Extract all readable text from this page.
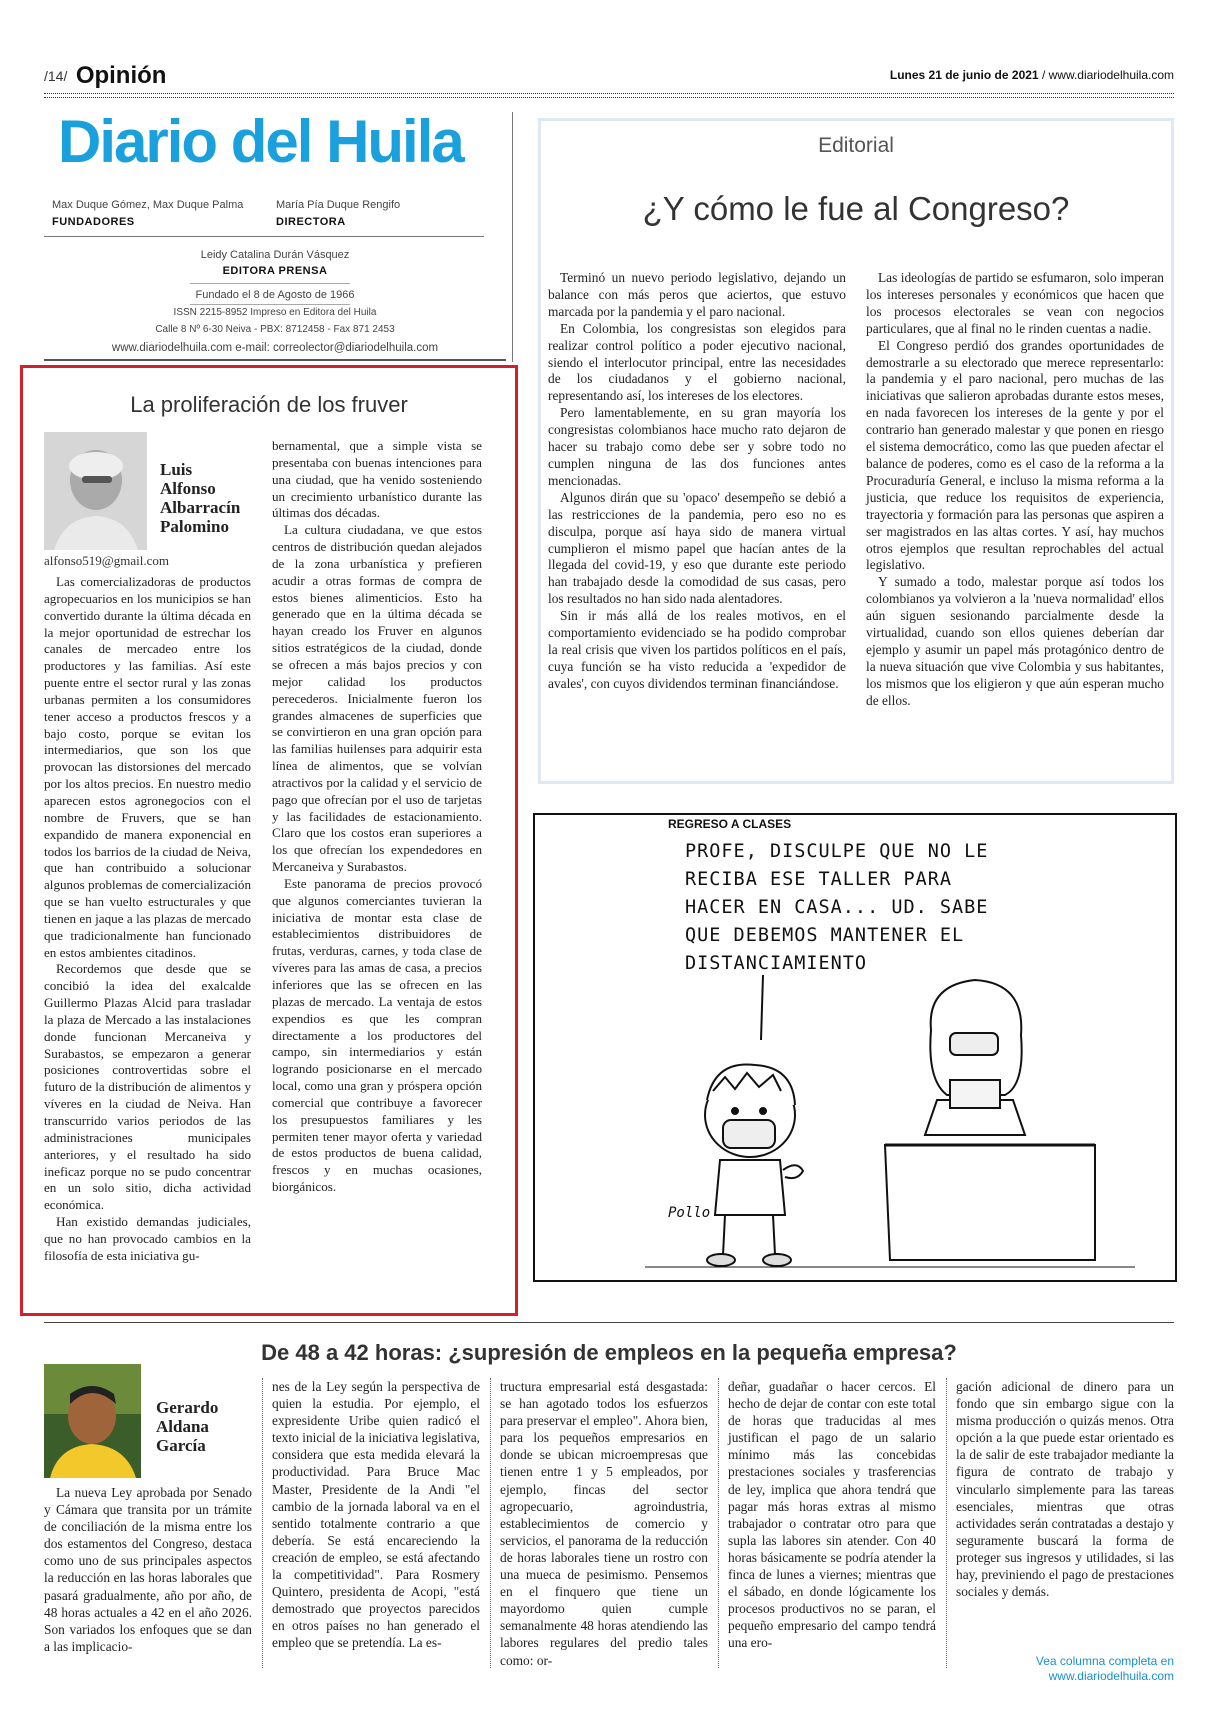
/14/ Opinión	Lunes 21 de junio de 2021 / www.diariodelhuila.com
Diario del Huila
Max Duque Gómez, Max Duque Palma
FUNDADORES
María Pía Duque Rengifo
DIRECTORA
Leidy Catalina Durán Vásquez
EDITORA PRENSA
Fundado el 8 de Agosto de 1966
ISSN 2215-8952 Impreso en Editora del Huila
Calle 8 Nº 6-30 Neiva - PBX: 8712458 - Fax 871 2453
www.diariodelhuila.com e-mail: correolector@diariodelhuila.com
Editorial
¿Y cómo le fue al Congreso?

Terminó un nuevo periodo legislativo, dejando un balance con más peros que aciertos, que estuvo marcada por la pandemia y el paro nacional.

En Colombia, los congresistas son elegidos para realizar control político a poder ejecutivo nacional, siendo el interlocutor principal, entre las necesidades de los ciudadanos y el gobierno nacional, representando así, los intereses de los electores.

Pero lamentablemente, en su gran mayoría los congresistas colombianos hace mucho rato dejaron de hacer su trabajo como debe ser y sobre todo no cumplen ninguna de las dos funciones antes mencionadas.

Algunos dirán que su 'opaco' desempeño se debió a las restricciones de la pandemia, pero eso no es disculpa, porque así haya sido de manera virtual cumplieron el mismo papel que hacían antes de la llegada del covid-19, y eso que durante este periodo han trabajado desde la comodidad de sus casas, pero los resultados no han sido nada alentadores.

Sin ir más allá de los reales motivos, en el comportamiento evidenciado se ha podido comprobar la real crisis que viven los partidos políticos en el país, cuya función se ha visto reducida a 'expedidor de avales', con cuyos dividendos terminan financiándose.

Las ideologías de partido se esfumaron, solo imperan los intereses personales y económicos que hacen que los procesos electorales se vean con negocios particulares, que al final no le rinden cuentas a nadie.

El Congreso perdió dos grandes oportunidades de demostrarle a su electorado que merece representarlo: la pandemia y el paro nacional, pero muchas de las iniciativas que salieron aprobadas durante estos meses, en nada favorecen los intereses de la gente y por el contrario han generado malestar y que ponen en riesgo el sistema democrático, como las que pueden afectar el balance de poderes, como es el caso de la reforma a la Procuraduría General, e incluso la misma reforma a la justicia, que reduce los requisitos de experiencia, trayectoria y formación para las personas que aspiren a ser magistrados en las altas cortes. Y así, hay muchos otros ejemplos que resultan reprochables del actual legislativo.

Y sumado a todo, malestar porque así todos los colombianos ya volvieron a la 'nueva normalidad' ellos aún siguen sesionando parcialmente desde la virtualidad, cuando son ellos quienes deberían dar ejemplo y asumir un papel más protagónico dentro de la nueva situación que vive Colombia y sus habitantes, los mismos que los eligieron y que aún esperan mucho de ellos.

La proliferación de los fruver
Luis
Alfonso
Albarracín
Palomino
alfonso519@gmail.com

Las comercializadoras de productos agropecuarios en los municipios se han convertido durante la última década en la mejor oportunidad de estrechar los canales de mercadeo entre los productores y las familias. Así este puente entre el sector rural y las zonas urbanas permiten a los consumidores tener acceso a productos frescos y a bajo costo, porque se evitan los intermediarios, que son los que provocan las distorsiones del mercado por los altos precios. En nuestro medio aparecen estos agronegocios con el nombre de Fruvers, que se han expandido de manera exponencial en todos los barrios de la ciudad de Neiva, que han contribuido a solucionar algunos problemas de comercialización que se han vuelto estructurales y que tienen en jaque a las plazas de mercado que tradicionalmente han funcionado en estos ambientes citadinos.

Recordemos que desde que se concibió la idea del exalcalde Guillermo Plazas Alcid para trasladar la plaza de Mercado a las instalaciones donde funcionan Mercaneiva y Surabastos, se empezaron a generar posiciones controvertidas sobre el futuro de la distribución de alimentos y víveres en la ciudad de Neiva. Han transcurrido varios periodos de las administraciones municipales anteriores, y el resultado ha sido ineficaz porque no se pudo concentrar en un solo sitio, dicha actividad económica.

Han existido demandas judiciales, que no han provocado cambios en la filosofía de esta iniciativa gu-

bernamental, que a simple vista se presentaba con buenas intenciones para una ciudad, que ha venido sosteniendo un crecimiento urbanístico durante las últimas dos décadas.

La cultura ciudadana, ve que estos centros de distribución quedan alejados de la zona urbanística y prefieren acudir a otras formas de compra de estos bienes alimenticios. Esto ha generado que en la última década se hayan creado los Fruver en algunos sitios estratégicos de la ciudad, donde se ofrecen a más bajos precios y con mejor calidad los productos perecederos. Inicialmente fueron los grandes almacenes de superficies que se convirtieron en una gran opción para las familias huilenses para adquirir esta línea de alimentos, que se volvían atractivos por la calidad y el servicio de pago que ofrecían por el uso de tarjetas y las facilidades de estacionamiento. Claro que los costos eran superiores a los que ofrecían los expendedores en Mercaneiva y Surabastos.

Este panorama de precios provocó que algunos comerciantes tuvieran la iniciativa de montar esta clase de establecimientos distribuidores de frutas, verduras, carnes, y toda clase de víveres para las amas de casa, a precios inferiores que las se ofrecen en las plazas de mercado. La ventaja de estos expendios es que les compran directamente a los productores del campo, sin intermediarios y están logrando posicionarse en el mercado local, como una gran y próspera opción comercial que contribuye a favorecer los presupuestos familiares y les permiten tener mayor oferta y variedad de estos productos de buena calidad, frescos y en muchas ocasiones, biorgánicos.

REGRESO A CLASES
PROFE, DISCULPE QUE NO LE
RECIBA ESE TALLER PARA
HACER EN CASA... UD. SABE
QUE DEBEMOS MANTENER EL
DISTANCIAMIENTO
Pollo
De 48 a 42 horas: ¿supresión de empleos en la pequeña empresa?
Gerardo
Aldana
García

La nueva Ley aprobada por Senado y Cámara que transita por un trámite de conciliación de la misma entre los dos estamentos del Congreso, destaca como uno de sus principales aspectos la reducción en las horas laborales que pasará gradualmente, año por año, de 48 horas actuales a 42 en el año 2026. Son variados los enfoques que se dan a las implicacio-

nes de la Ley según la perspectiva de quien la estudia. Por ejemplo, el expresidente Uribe quien radicó el texto inicial de la iniciativa legislativa, considera que esta medida elevará la productividad. Para Bruce Mac Master, Presidente de la Andi "el cambio de la jornada laboral va en el sentido totalmente contrario a que debería. Se está encareciendo la creación de empleo, se está afectando la competitividad". Para Rosmery Quintero, presidenta de Acopi, "está demostrado que proyectos parecidos en otros países no han generado el empleo que se pretendía. La es-

tructura empresarial está desgastada: se han agotado todos los esfuerzos para preservar el empleo". Ahora bien, para los pequeños empresarios en donde se ubican microempresas que tienen entre 1 y 5 empleados, por ejemplo, fincas del sector agropecuario, agroindustria, establecimientos de comercio y servicios, el panorama de la reducción de horas laborales tiene un rostro con una mueca de pesimismo. Pensemos en el finquero que tiene un mayordomo quien cumple semanalmente 48 horas atendiendo las labores regulares del predio tales como: or-

deñar, guadañar o hacer cercos. El hecho de dejar de contar con este total de horas que traducidas al mes justifican el pago de un salario mínimo más las concebidas prestaciones sociales y trasferencias de ley, implica que ahora tendrá que pagar más horas extras al mismo trabajador o contratar otro para que supla las labores sin atender. Con 40 horas básicamente se podría atender la finca de lunes a viernes; mientras que el sábado, en donde lógicamente los procesos productivos no se paran, el pequeño empresario del campo tendrá una ero-

gación adicional de dinero para un fondo que sin embargo sigue con la misma producción o quizás menos. Otra opción a la que puede estar orientado es la de salir de este trabajador mediante la figura de contrato de trabajo y vincularlo simplemente para las tareas esenciales, mientras que otras actividades serán contratadas a destajo y seguramente buscará la forma de proteger sus ingresos y utilidades, si las hay, previniendo el pago de prestaciones sociales y demás.

Vea columna completa en
www.diariodelhuila.com
